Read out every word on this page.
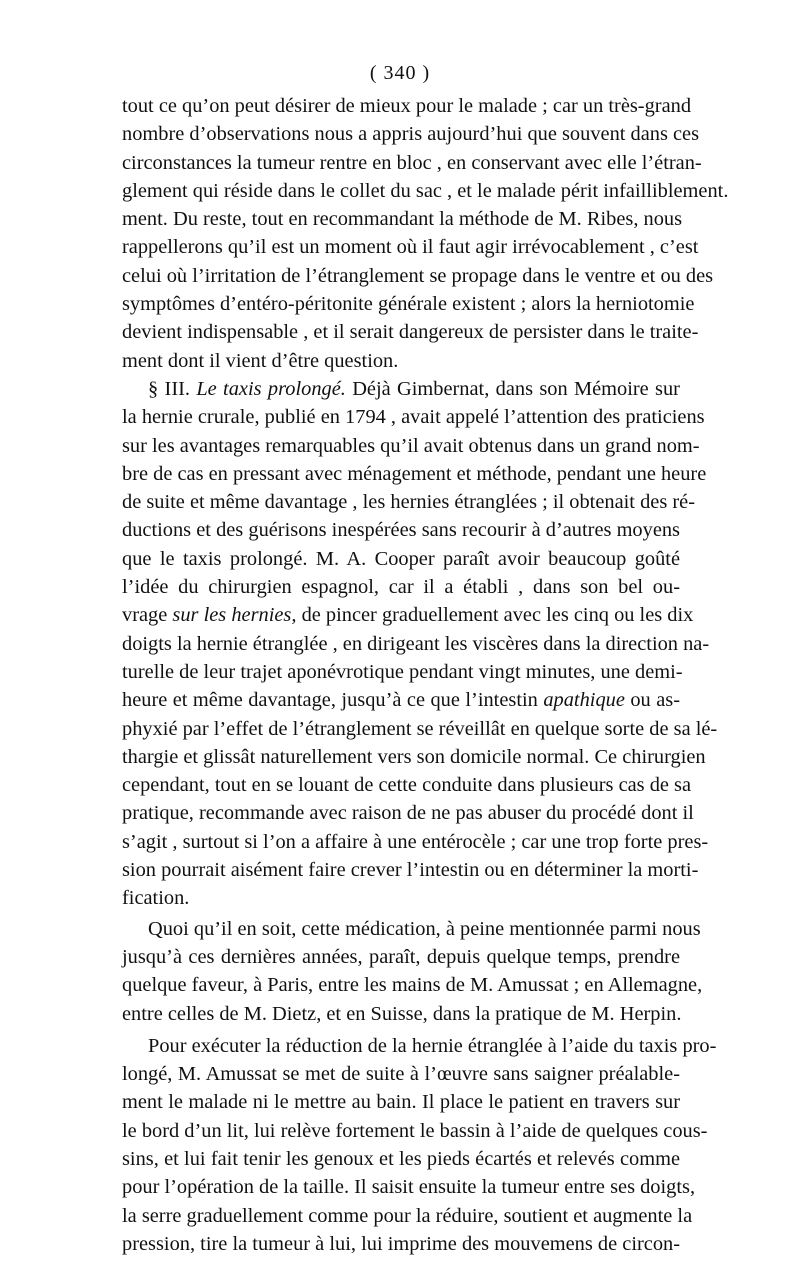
( 340 )
tout ce qu’on peut désirer de mieux pour le malade ; car un très-grand
nombre d’observations nous a appris aujourd’hui que souvent dans ces
circonstances la tumeur rentre en bloc , en conservant avec elle l’étran-
glement qui réside dans le collet du sac , et le malade périt infailliblement.
ment. Du reste, tout en recommandant la méthode de M. Ribes, nous
rappellerons qu’il est un moment où il faut agir irrévocablement , c’est
celui où l’irritation de l’étranglement se propage dans le ventre et ou des
symptômes d’entéro-péritonite générale existent ; alors la herniotomie
devient indispensable , et il serait dangereux de persister dans le traite-
ment dont il vient d’être question.
§ III. Le taxis prolongé. Déjà Gimbernat, dans son Mémoire sur
la hernie crurale, publié en 1794 , avait appelé l’attention des praticiens
sur les avantages remarquables qu’il avait obtenus dans un grand nom-
bre de cas en pressant avec ménagement et méthode, pendant une heure
de suite et même davantage , les hernies étranglées ; il obtenait des ré-
ductions et des guérisons inespérées sans recourir à d’autres moyens
que le taxis prolongé. M. A. Cooper paraît avoir beaucoup goûté
l’idée du chirurgien espagnol, car il a établi , dans son bel ou-
vrage sur les hernies, de pincer graduellement avec les cinq ou les dix
doigts la hernie étranglée , en dirigeant les viscères dans la direction na-
turelle de leur trajet aponévrotique pendant vingt minutes, une demi-
heure et même davantage, jusqu’à ce que l’intestin apathique ou as-
phyxié par l’effet de l’étranglement se réveillât en quelque sorte de sa lé-
thargie et glissât naturellement vers son domicile normal. Ce chirurgien
cependant, tout en se louant de cette conduite dans plusieurs cas de sa
pratique, recommande avec raison de ne pas abuser du procédé dont il
s’agit , surtout si l’on a affaire à une entérocèle ; car une trop forte pres-
sion pourrait aisément faire crever l’intestin ou en déterminer la morti-
fication.
Quoi qu’il en soit, cette médication, à peine mentionnée parmi nous
jusqu’à ces dernières années, paraît, depuis quelque temps, prendre
quelque faveur, à Paris, entre les mains de M. Amussat ; en Allemagne,
entre celles de M. Dietz, et en Suisse, dans la pratique de M. Herpin.
Pour exécuter la réduction de la hernie étranglée à l’aide du taxis pro-
longé, M. Amussat se met de suite à l’œuvre sans saigner préalable-
ment le malade ni le mettre au bain. Il place le patient en travers sur
le bord d’un lit, lui relève fortement le bassin à l’aide de quelques cous-
sins, et lui fait tenir les genoux et les pieds écartés et relevés comme
pour l’opération de la taille. Il saisit ensuite la tumeur entre ses doigts,
la serre graduellement comme pour la réduire, soutient et augmente la
pression, tire la tumeur à lui, lui imprime des mouvemens de circon-
